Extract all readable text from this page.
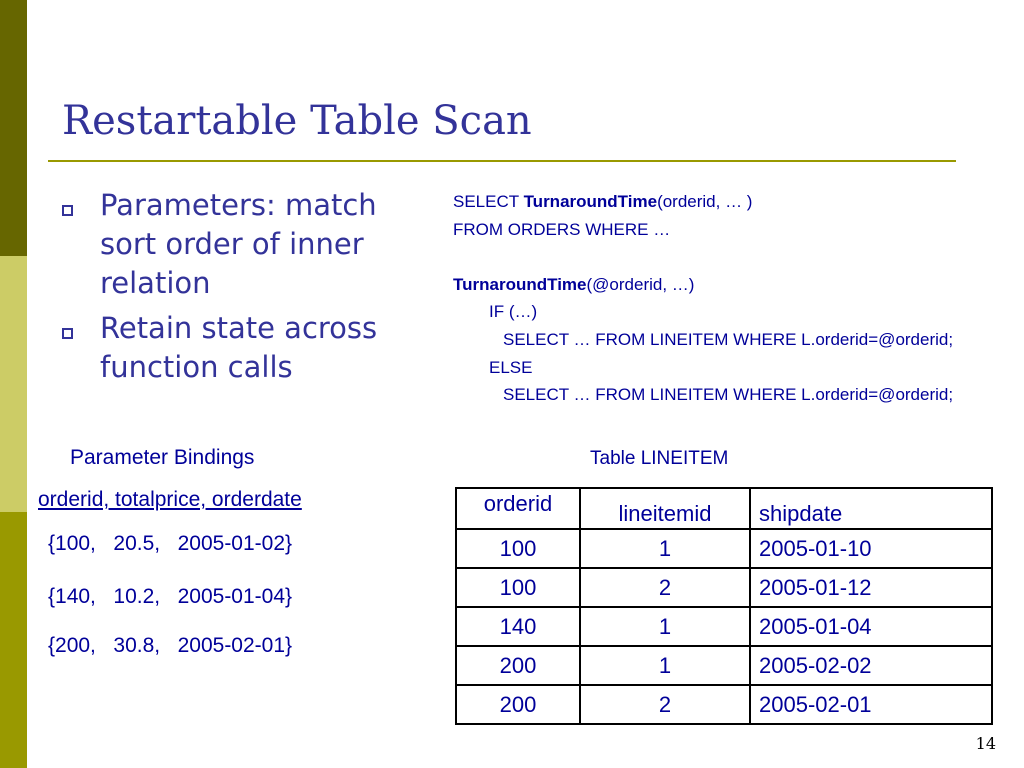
Restartable Table Scan
Parameters: match sort order of inner relation
Retain state across function calls
SELECT TurnaroundTime(orderid, … )
FROM ORDERS WHERE …
TurnaroundTime(@orderid, …)
IF (…)
SELECT … FROM LINEITEM WHERE L.orderid=@orderid;
ELSE
SELECT … FROM LINEITEM WHERE L.orderid=@orderid;
Parameter Bindings
orderid, totalprice, orderdate
{100,   20.5,   2005-01-02}
{140,   10.2,   2005-01-04}
{200,   30.8,   2005-02-01}
Table LINEITEM
orderid	lineitemid	shipdate
100	1	2005-01-10
100	2	2005-01-12
140	1	2005-01-04
200	1	2005-02-02
200	2	2005-02-01
14
